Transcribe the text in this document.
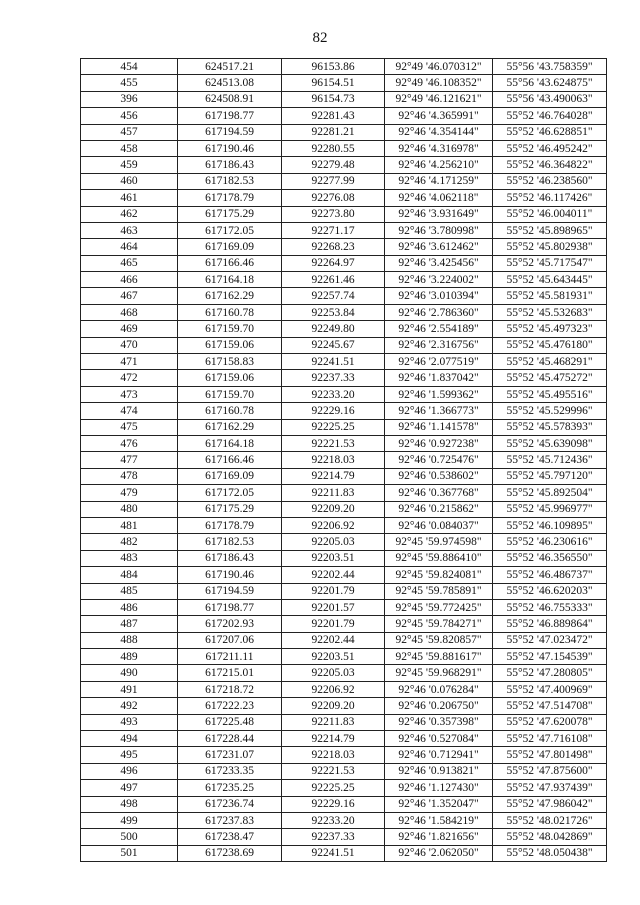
82
454	624517.21	96153.86	92°49 '46.070312"	55°56 '43.758359"
455	624513.08	96154.51	92°49 '46.108352"	55°56 '43.624875"
396	624508.91	96154.73	92°49 '46.121621"	55°56 '43.490063"
456	617198.77	92281.43	92°46 '4.365991"	55°52 '46.764028"
457	617194.59	92281.21	92°46 '4.354144"	55°52 '46.628851"
458	617190.46	92280.55	92°46 '4.316978"	55°52 '46.495242"
459	617186.43	92279.48	92°46 '4.256210"	55°52 '46.364822"
460	617182.53	92277.99	92°46 '4.171259"	55°52 '46.238560"
461	617178.79	92276.08	92°46 '4.062118"	55°52 '46.117426"
462	617175.29	92273.80	92°46 '3.931649"	55°52 '46.004011"
463	617172.05	92271.17	92°46 '3.780998"	55°52 '45.898965"
464	617169.09	92268.23	92°46 '3.612462"	55°52 '45.802938"
465	617166.46	92264.97	92°46 '3.425456"	55°52 '45.717547"
466	617164.18	92261.46	92°46 '3.224002"	55°52 '45.643445"
467	617162.29	92257.74	92°46 '3.010394"	55°52 '45.581931"
468	617160.78	92253.84	92°46 '2.786360"	55°52 '45.532683"
469	617159.70	92249.80	92°46 '2.554189"	55°52 '45.497323"
470	617159.06	92245.67	92°46 '2.316756"	55°52 '45.476180"
471	617158.83	92241.51	92°46 '2.077519"	55°52 '45.468291"
472	617159.06	92237.33	92°46 '1.837042"	55°52 '45.475272"
473	617159.70	92233.20	92°46 '1.599362"	55°52 '45.495516"
474	617160.78	92229.16	92°46 '1.366773"	55°52 '45.529996"
475	617162.29	92225.25	92°46 '1.141578"	55°52 '45.578393"
476	617164.18	92221.53	92°46 '0.927238"	55°52 '45.639098"
477	617166.46	92218.03	92°46 '0.725476"	55°52 '45.712436"
478	617169.09	92214.79	92°46 '0.538602"	55°52 '45.797120"
479	617172.05	92211.83	92°46 '0.367768"	55°52 '45.892504"
480	617175.29	92209.20	92°46 '0.215862"	55°52 '45.996977"
481	617178.79	92206.92	92°46 '0.084037"	55°52 '46.109895"
482	617182.53	92205.03	92°45 '59.974598"	55°52 '46.230616"
483	617186.43	92203.51	92°45 '59.886410"	55°52 '46.356550"
484	617190.46	92202.44	92°45 '59.824081"	55°52 '46.486737"
485	617194.59	92201.79	92°45 '59.785891"	55°52 '46.620203"
486	617198.77	92201.57	92°45 '59.772425"	55°52 '46.755333"
487	617202.93	92201.79	92°45 '59.784271"	55°52 '46.889864"
488	617207.06	92202.44	92°45 '59.820857"	55°52 '47.023472"
489	617211.11	92203.51	92°45 '59.881617"	55°52 '47.154539"
490	617215.01	92205.03	92°45 '59.968291"	55°52 '47.280805"
491	617218.72	92206.92	92°46 '0.076284"	55°52 '47.400969"
492	617222.23	92209.20	92°46 '0.206750"	55°52 '47.514708"
493	617225.48	92211.83	92°46 '0.357398"	55°52 '47.620078"
494	617228.44	92214.79	92°46 '0.527084"	55°52 '47.716108"
495	617231.07	92218.03	92°46 '0.712941"	55°52 '47.801498"
496	617233.35	92221.53	92°46 '0.913821"	55°52 '47.875600"
497	617235.25	92225.25	92°46 '1.127430"	55°52 '47.937439"
498	617236.74	92229.16	92°46 '1.352047"	55°52 '47.986042"
499	617237.83	92233.20	92°46 '1.584219"	55°52 '48.021726"
500	617238.47	92237.33	92°46 '1.821656"	55°52 '48.042869"
501	617238.69	92241.51	92°46 '2.062050"	55°52 '48.050438"
